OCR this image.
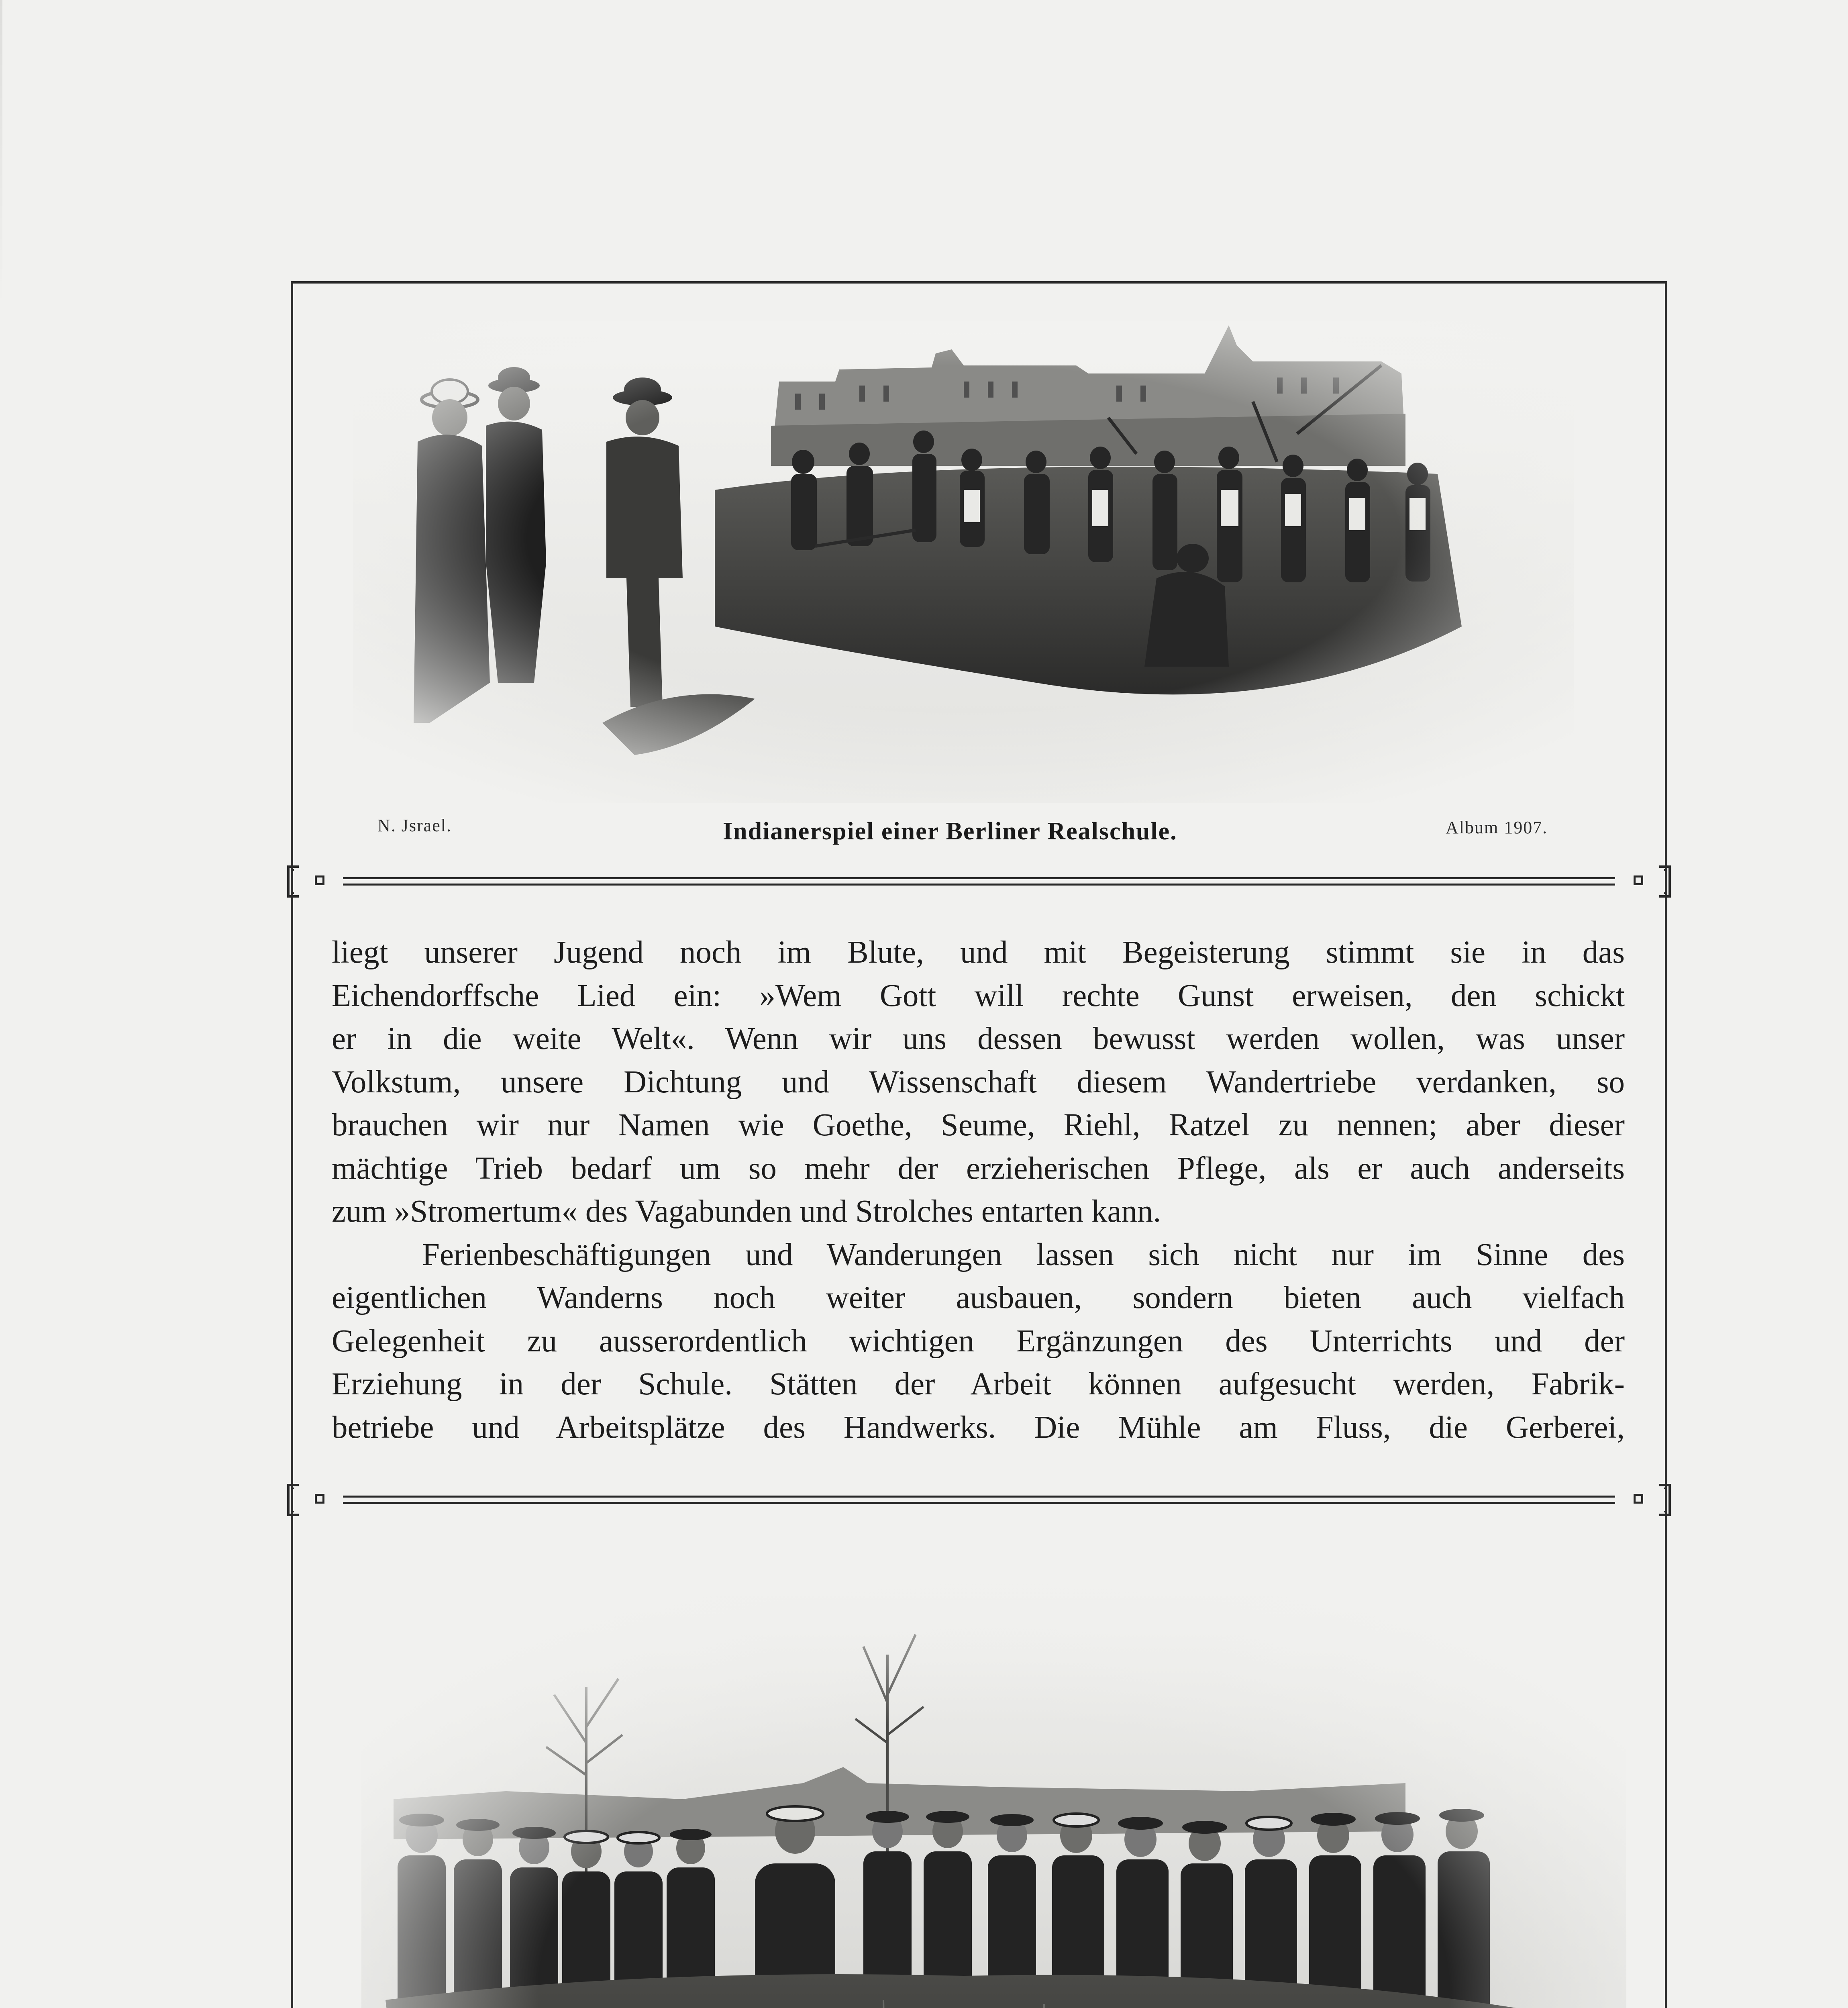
N. Jsrael.	Indianerspiel einer Berliner Realschule.	Album 1907.
liegt unserer Jugend noch im Blute, und mit Begeisterung stimmt sie in das
Eichendorffsche Lied ein: »Wem Gott will rechte Gunst erweisen, den schickt
er in die weite Welt«. Wenn wir uns dessen bewusst werden wollen, was unser
Volkstum, unsere Dichtung und Wissenschaft diesem Wandertriebe verdanken, so
brauchen wir nur Namen wie Goethe, Seume, Riehl, Ratzel zu nennen; aber dieser
mächtige Trieb bedarf um so mehr der erzieherischen Pflege, als er auch anderseits
zum »Stromertum« des Vagabunden und Strolches entarten kann.
Ferienbeschäftigungen und Wanderungen lassen sich nicht nur im Sinne des
eigentlichen Wanderns noch weiter ausbauen, sondern bieten auch vielfach
Gelegenheit zu ausserordentlich wichtigen Ergänzungen des Unterrichts und der
Erziehung in der Schule. Stätten der Arbeit können aufgesucht werden, Fabrik-
betriebe und Arbeitsplätze des Handwerks. Die Mühle am Fluss, die Gerberei,
